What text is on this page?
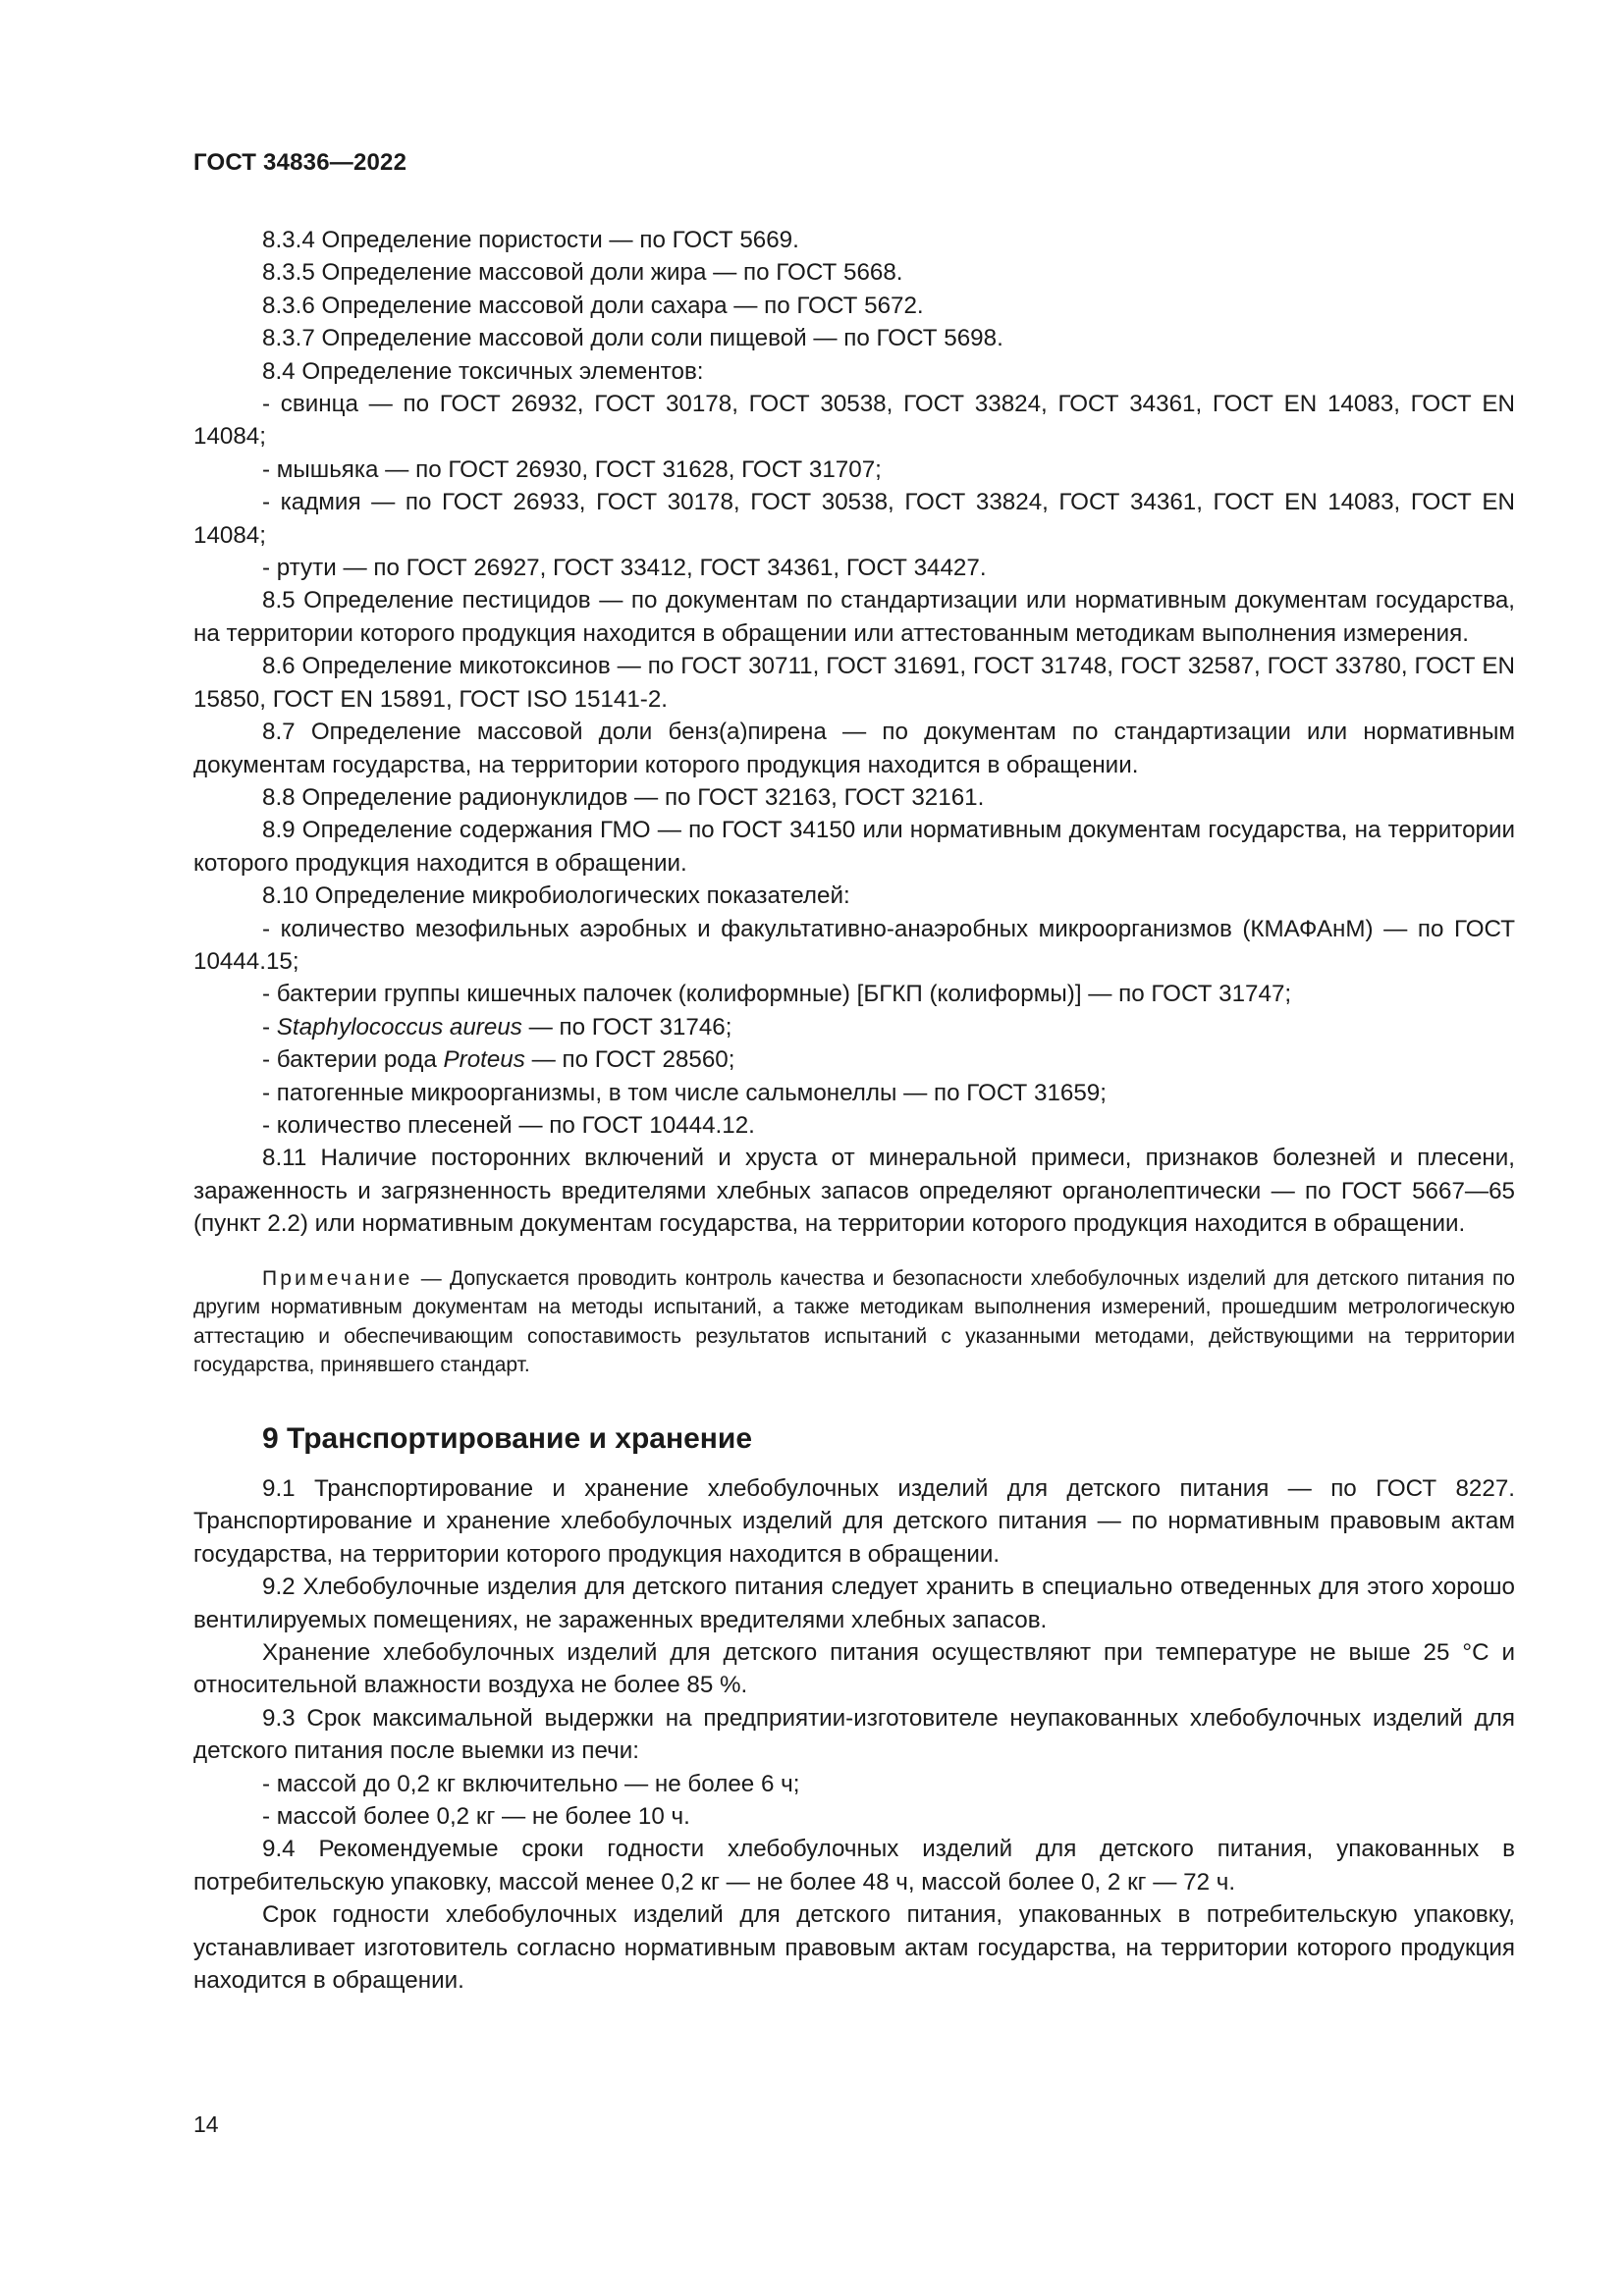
ГОСТ 34836—2022

8.3.4 Определение пористости — по ГОСТ 5669.

8.3.5 Определение массовой доли жира — по ГОСТ 5668.

8.3.6 Определение массовой доли сахара — по ГОСТ 5672.

8.3.7 Определение массовой доли соли пищевой — по ГОСТ 5698.

8.4 Определение токсичных элементов:

- свинца — по ГОСТ 26932, ГОСТ 30178, ГОСТ 30538, ГОСТ 33824, ГОСТ 34361, ГОСТ EN 14083, ГОСТ EN 14084;

- мышьяка — по ГОСТ 26930, ГОСТ 31628, ГОСТ 31707;

- кадмия — по ГОСТ 26933, ГОСТ 30178, ГОСТ 30538, ГОСТ 33824, ГОСТ 34361, ГОСТ EN 14083, ГОСТ EN 14084;

- ртути — по ГОСТ 26927, ГОСТ 33412, ГОСТ 34361, ГОСТ 34427.

8.5 Определение пестицидов — по документам по стандартизации или нормативным документам государства, на территории которого продукция находится в обращении или аттестованным методикам выполнения измерения.

8.6 Определение микотоксинов — по ГОСТ 30711, ГОСТ 31691, ГОСТ 31748, ГОСТ 32587, ГОСТ 33780, ГОСТ EN 15850, ГОСТ EN 15891, ГОСТ ISO 15141-2.

8.7 Определение массовой доли бенз(а)пирена — по документам по стандартизации или нормативным документам государства, на территории которого продукция находится в обращении.

8.8 Определение радионуклидов — по ГОСТ 32163, ГОСТ 32161.

8.9 Определение содержания ГМО — по ГОСТ 34150 или нормативным документам государства, на территории которого продукция находится в обращении.

8.10 Определение микробиологических показателей:

- количество мезофильных аэробных и факультативно-анаэробных микроорганизмов (КМАФАнМ) — по ГОСТ 10444.15;

- бактерии группы кишечных палочек (колиформные) [БГКП (колиформы)] — по ГОСТ 31747;

- Staphylococcus aureus — по ГОСТ 31746;

- бактерии рода Proteus — по ГОСТ 28560;

- патогенные микроорганизмы, в том числе сальмонеллы — по ГОСТ 31659;

- количество плесеней — по ГОСТ 10444.12.

8.11 Наличие посторонних включений и хруста от минеральной примеси, признаков болезней и плесени, зараженность и загрязненность вредителями хлебных запасов определяют органолептически — по ГОСТ 5667—65 (пункт 2.2) или нормативным документам государства, на территории которого продукция находится в обращении.

Примечание — Допускается проводить контроль качества и безопасности хлебобулочных изделий для детского питания по другим нормативным документам на методы испытаний, а также методикам выполнения измерений, прошедшим метрологическую аттестацию и обеспечивающим сопоставимость результатов испытаний с указанными методами, действующими на территории государства, принявшего стандарт.

9 Транспортирование и хранение

9.1 Транспортирование и хранение хлебобулочных изделий для детского питания — по ГОСТ 8227. Транспортирование и хранение хлебобулочных изделий для детского питания — по нормативным правовым актам государства, на территории которого продукция находится в обращении.

9.2 Хлебобулочные изделия для детского питания следует хранить в специально отведенных для этого хорошо вентилируемых помещениях, не зараженных вредителями хлебных запасов.

Хранение хлебобулочных изделий для детского питания осуществляют при температуре не выше 25 °С и относительной влажности воздуха не более 85 %.

9.3 Срок максимальной выдержки на предприятии-изготовителе неупакованных хлебобулочных изделий для детского питания после выемки из печи:

- массой до 0,2 кг включительно — не более 6 ч;

- массой более 0,2 кг — не более 10 ч.

9.4 Рекомендуемые сроки годности хлебобулочных изделий для детского питания, упакованных в потребительскую упаковку, массой менее 0,2 кг — не более 48 ч, массой более 0, 2 кг — 72 ч.

Срок годности хлебобулочных изделий для детского питания, упакованных в потребительскую упаковку, устанавливает изготовитель согласно нормативным правовым актам государства, на территории которого продукция находится в обращении.

14
